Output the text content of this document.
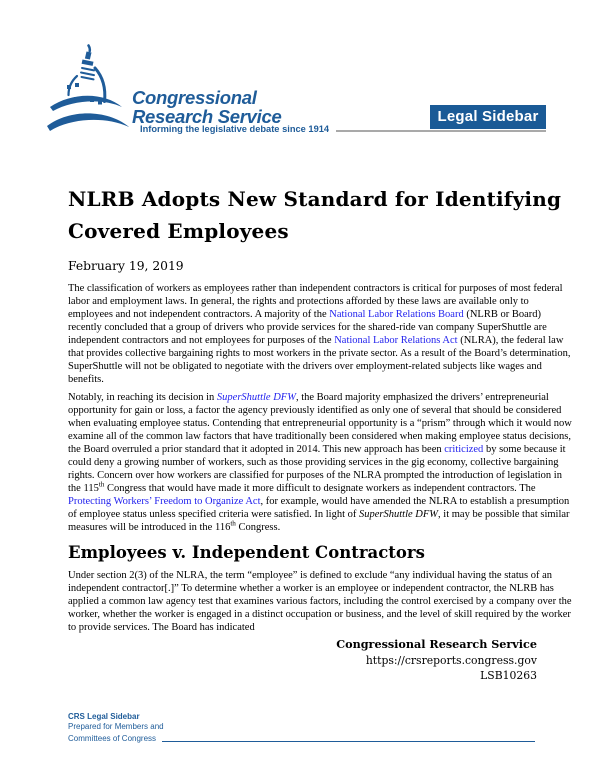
Congressional
Research Service
Informing the legislative debate since 1914
Legal Sidebar
NLRB Adopts New Standard for Identifying
Covered Employees
February 19, 2019

The classification of workers as employees rather than independent contractors is critical for purposes of most federal labor and employment laws. In general, the rights and protections afforded by these laws are available only to employees and not independent contractors. A majority of the National Labor Relations Board (NLRB or Board) recently concluded that a group of drivers who provide services for the shared-ride van company SuperShuttle are independent contractors and not employees for purposes of the National Labor Relations Act (NLRA), the federal law that provides collective bargaining rights to most workers in the private sector. As a result of the Board’s determination, SuperShuttle will not be obligated to negotiate with the drivers over employment-related subjects like wages and benefits.

Notably, in reaching its decision in SuperShuttle DFW, the Board majority emphasized the drivers’ entrepreneurial opportunity for gain or loss, a factor the agency previously identified as only one of several that should be considered when evaluating employee status. Contending that entrepreneurial opportunity is a “prism” through which it would now examine all of the common law factors that have traditionally been considered when making employee status decisions, the Board overruled a prior standard that it adopted in 2014. This new approach has been criticized by some because it could deny a growing number of workers, such as those providing services in the gig economy, collective bargaining rights. Concern over how workers are classified for purposes of the NLRA prompted the introduction of legislation in the 115th Congress that would have made it more difficult to designate workers as independent contractors. The Protecting Workers’ Freedom to Organize Act, for example, would have amended the NLRA to establish a presumption of employee status unless specified criteria were satisfied. In light of SuperShuttle DFW, it may be possible that similar measures will be introduced in the 116th Congress.

Employees v. Independent Contractors

Under section 2(3) of the NLRA, the term “employee” is defined to exclude “any individual having the status of an independent contractor[.]” To determine whether a worker is an employee or independent contractor, the NLRB has applied a common law agency test that examines various factors, including the control exercised by a company over the worker, whether the worker is engaged in a distinct occupation or business, and the level of skill required by the worker to provide services. The Board has indicated

Congressional Research Service
https://crsreports.congress.gov
LSB10263
CRS Legal Sidebar
Prepared for Members and
Committees of Congress
